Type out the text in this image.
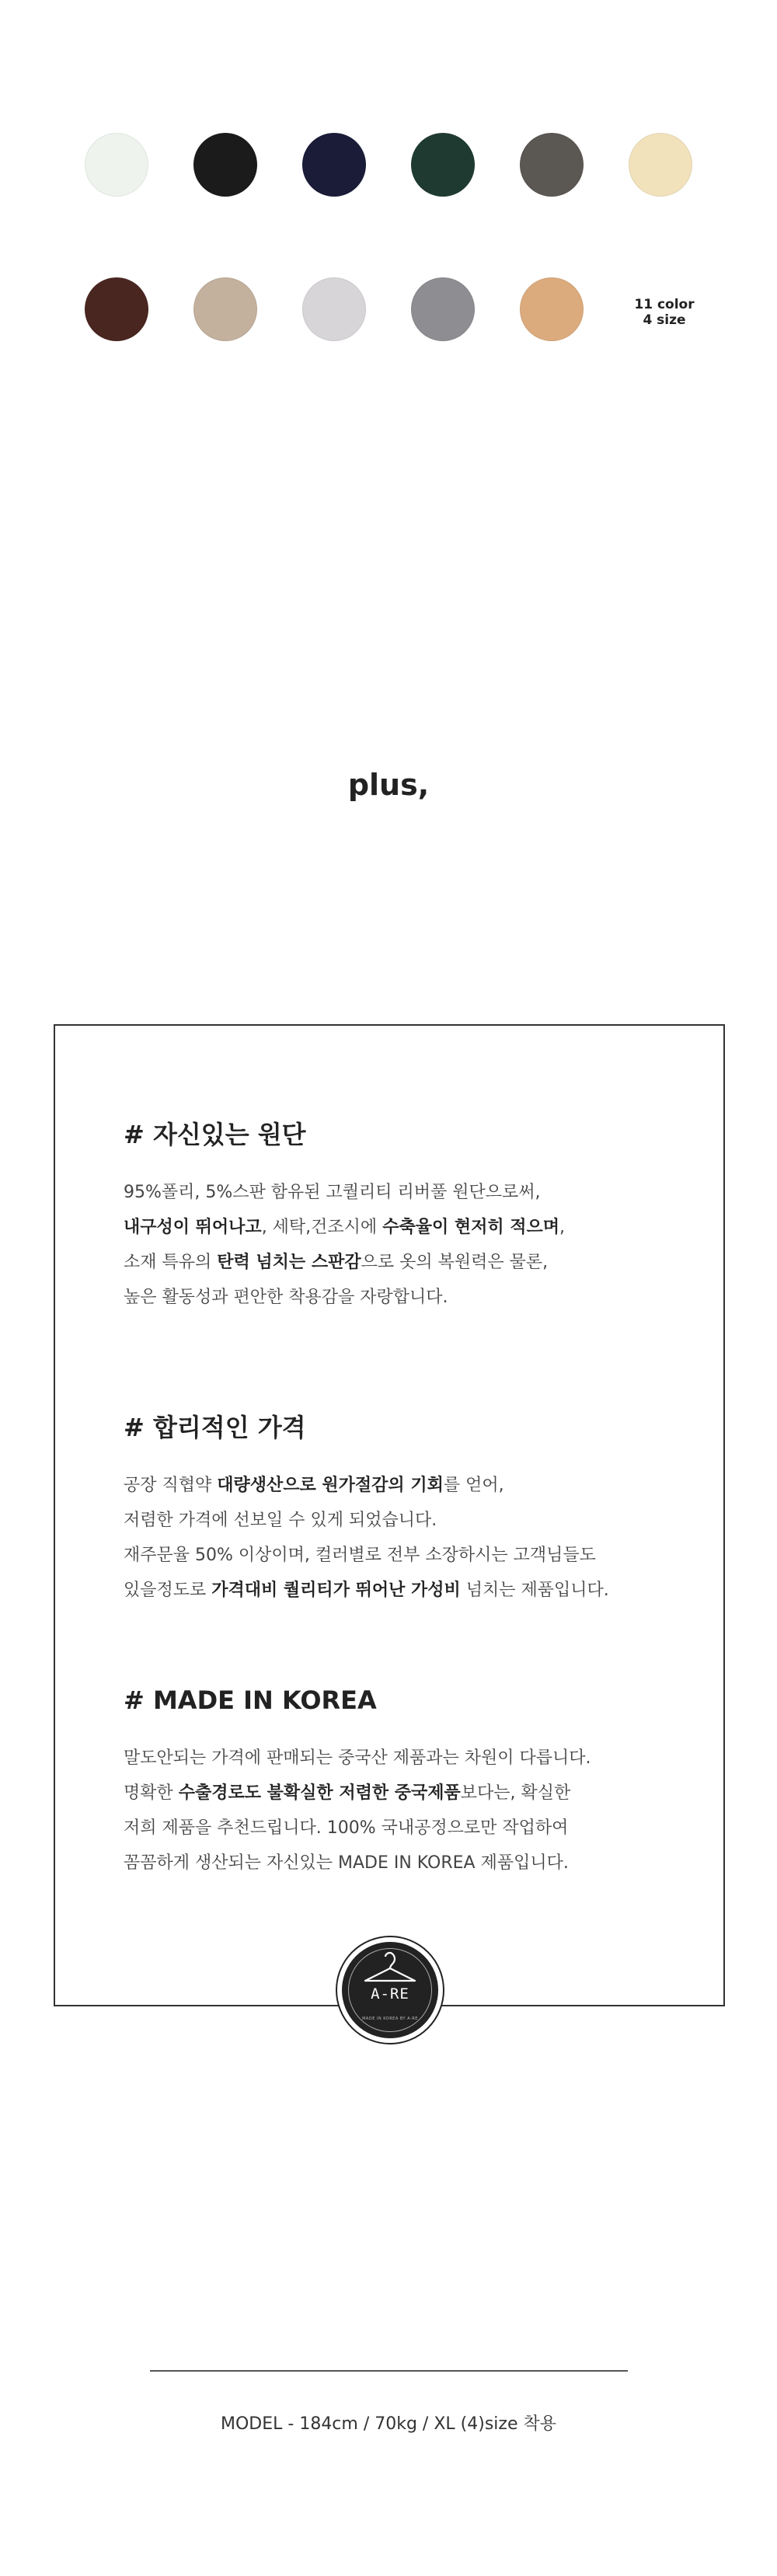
11 color
4 size
plus,
# 자신있는 원단

95%폴리, 5%스판 함유된 고퀄리티 리버풀 원단으로써,

내구성이 뛰어나고, 세탁,건조시에 수축율이 현저히 적으며,

소재 특유의 탄력 넘치는 스판감으로 옷의 복원력은 물론,

높은 활동성과 편안한 착용감을 자랑합니다.

# 합리적인 가격

공장 직협약 대량생산으로 원가절감의 기회를 얻어,

저렴한 가격에 선보일 수 있게 되었습니다.

재주문율 50% 이상이며, 컬러별로 전부 소장하시는 고객님들도

있을정도로 가격대비 퀄리티가 뛰어난 가성비 넘치는 제품입니다.

# MADE IN KOREA

말도안되는 가격에 판매되는 중국산 제품과는 차원이 다릅니다.

명확한 수출경로도 불확실한 저렴한 중국제품보다는, 확실한

저희 제품을 추천드립니다. 100% 국내공정으로만 작업하여

꼼꼼하게 생산되는 자신있는 MADE IN KOREA 제품입니다.

A-RE
MADE IN KOREA BY A-RE
MODEL - 184cm / 70kg / XL (4)size 착용
